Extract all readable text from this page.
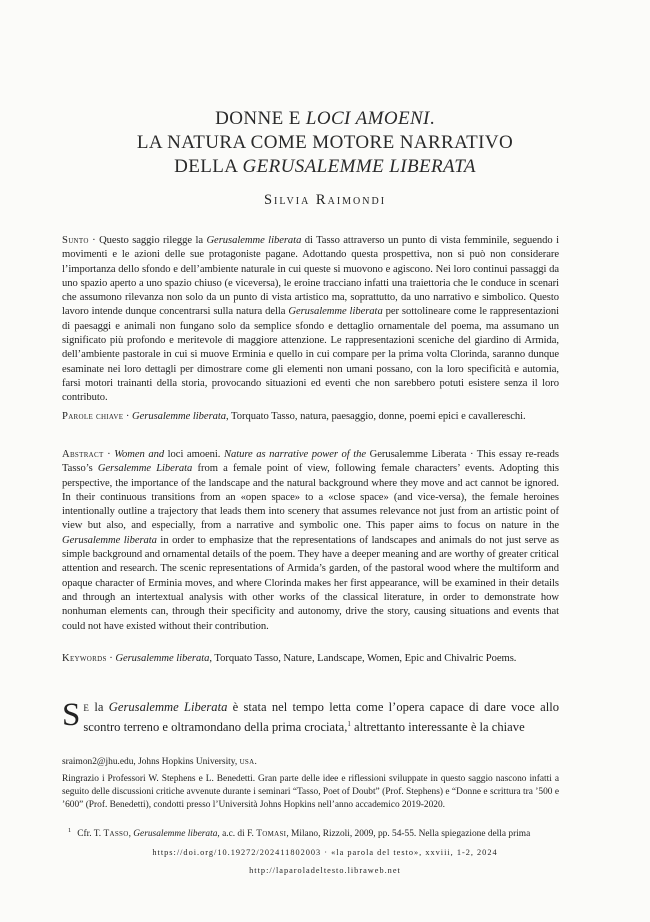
DONNE E LOCI AMOENI.
LA NATURA COME MOTORE NARRATIVO
DELLA GERUSALEMME LIBERATA
Silvia Raimondi
Sunto · Questo saggio rilegge la Gerusalemme liberata di Tasso attraverso un punto di vista femminile, seguendo i movimenti e le azioni delle sue protagoniste pagane. Adottando questa prospettiva, non si può non considerare l’importanza dello sfondo e dell’ambiente naturale in cui queste si muovono e agiscono. Nei loro continui passaggi da uno spazio aperto a uno spazio chiuso (e viceversa), le eroine tracciano infatti una traiettoria che le conduce in scenari che assumono rilevanza non solo da un punto di vista artistico ma, soprattutto, da uno narrativo e simbolico. Questo lavoro intende dunque concentrarsi sulla natura della Gerusalemme liberata per sottolineare come le rappresentazioni di paesaggi e animali non fungano solo da semplice sfondo e dettaglio ornamentale del poema, ma assumano un significato più profondo e meritevole di maggiore attenzione. Le rappresentazioni sceniche del giardino di Armida, dell’ambiente pastorale in cui si muove Erminia e quello in cui compare per la prima volta Clorinda, saranno dunque esaminate nei loro dettagli per dimostrare come gli elementi non umani possano, con la loro specificità e automia, farsi motori trainanti della storia, provocando situazioni ed eventi che non sarebbero potuti esistere senza il loro contributo.
Parole chiave · Gerusalemme liberata, Torquato Tasso, natura, paesaggio, donne, poemi epici e cavallereschi.
Abstract · Women and loci amoeni. Nature as narrative power of the Gerusalemme Liberata · This essay re-reads Tasso’s Gersalemme Liberata from a female point of view, following female characters’ events. Adopting this perspective, the importance of the landscape and the natural background where they move and act cannot be ignored. In their continuous transitions from an «open space» to a «close space» (and vice-versa), the female heroines intentionally outline a trajectory that leads them into scenery that assumes relevance not just from an artistic point of view but also, and especially, from a narrative and symbolic one. This paper aims to focus on nature in the Gerusalemme liberata in order to emphasize that the representations of landscapes and animals do not just serve as simple background and ornamental details of the poem. They have a deeper meaning and are worthy of greater critical attention and research. The scenic representations of Armida’s garden, of the pastoral wood where the multiform and opaque character of Erminia moves, and where Clorinda makes her first appearance, will be examined in their details and through an intertextual analysis with other works of the classical literature, in order to demonstrate how nonhuman elements can, through their specificity and autonomy, drive the story, causing situations and events that could not have existed without their contribution.
Keywords · Gerusalemme liberata, Torquato Tasso, Nature, Landscape, Women, Epic and Chivalric Poems.
Se la Gerusalemme Liberata è stata nel tempo letta come l’opera capace di dare voce allo scontro terreno e oltramondano della prima crociata,$^1$ altrettanto interessante è la chiave
sraimon2@jhu.edu, Johns Hopkins University, usa.
Ringrazio i Professori W. Stephens e L. Benedetti. Gran parte delle idee e riflessioni sviluppate in questo saggio nascono infatti a seguito delle discussioni critiche avvenute durante i seminari “Tasso, Poet of Doubt” (Prof. Stephens) e “Donne e scrittura tra ’500 e ’600” (Prof. Benedetti), condotti presso l’Università Johns Hopkins nell’anno accademico 2019-2020.
$^1$ Cfr. T. Tasso, Gerusalemme liberata, a.c. di F. Tomasi, Milano, Rizzoli, 2009, pp. 54-55. Nella spiegazione della prima
https://doi.org/10.19272/202411802003 · «la parola del testo», xxviii, 1-2, 2024
http://laparoladeltesto.libraweb.net
